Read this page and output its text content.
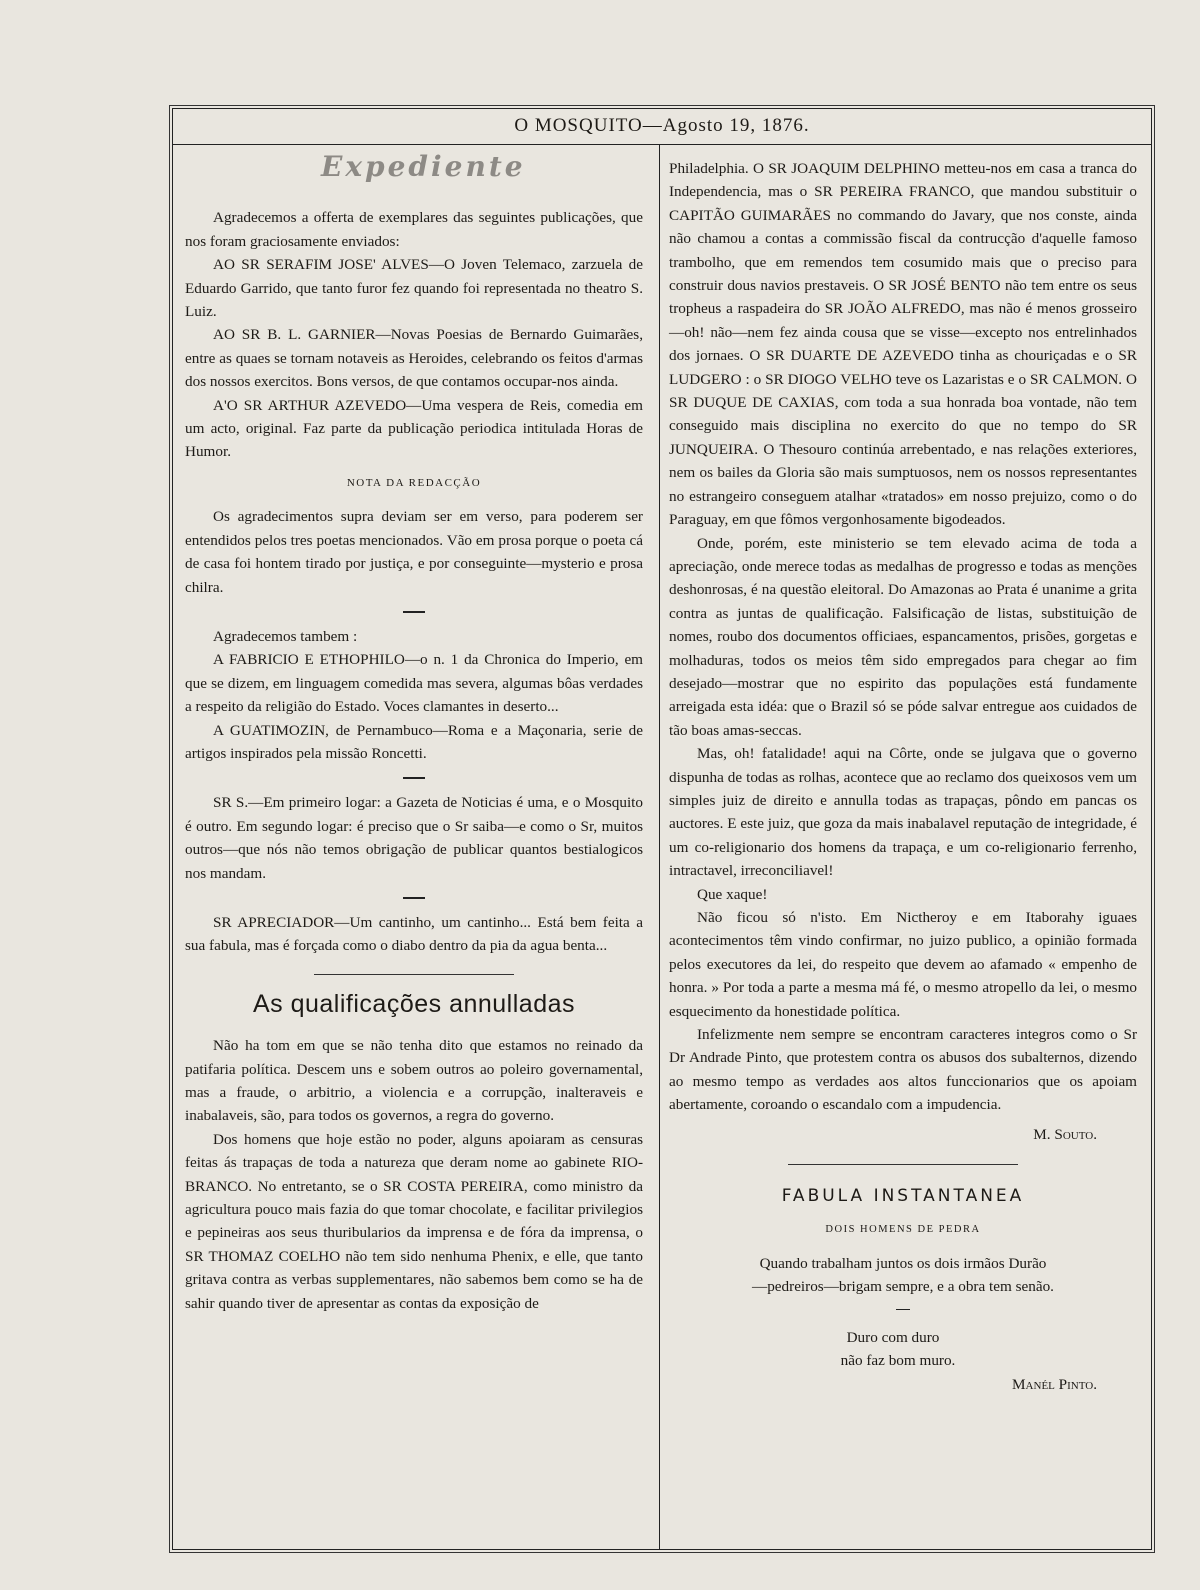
O MOSQUITO—Agosto 19, 1876.
Expediente

Agradecemos a offerta de exemplares das seguintes publicações, que nos foram graciosamente enviados:

AO SR SERAFIM JOSE' ALVES—O Joven Telemaco, zarzuela de Eduardo Garrido, que tanto furor fez quando foi representada no theatro S. Luiz.

AO SR B. L. GARNIER—Novas Poesias de Bernardo Guimarães, entre as quaes se tornam notaveis as Heroides, celebrando os feitos d'armas dos nossos exercitos. Bons versos, de que contamos occupar-nos ainda.

A'O SR ARTHUR AZEVEDO—Uma vespera de Reis, comedia em um acto, original. Faz parte da publicação periodica intitulada Horas de Humor.

NOTA DA REDACÇÃO

Os agradecimentos supra deviam ser em verso, para poderem ser entendidos pelos tres poetas mencionados. Vão em prosa porque o poeta cá de casa foi hontem tirado por justiça, e por conseguinte—mysterio e prosa chilra.

Agradecemos tambem :

A FABRICIO E ETHOPHILO—o n. 1 da Chronica do Imperio, em que se dizem, em linguagem comedida mas severa, algumas bôas verdades a respeito da religião do Estado. Voces clamantes in deserto...

A GUATIMOZIN, de Pernambuco—Roma e a Maçonaria, serie de artigos inspirados pela missão Roncetti.

SR S.—Em primeiro logar: a Gazeta de Noticias é uma, e o Mosquito é outro. Em segundo logar: é preciso que o Sr saiba—e como o Sr, muitos outros—que nós não temos obrigação de publicar quantos bestialogicos nos mandam.

SR APRECIADOR—Um cantinho, um cantinho... Está bem feita a sua fabula, mas é forçada como o diabo dentro da pia da agua benta...

As qualificações annulladas

Não ha tom em que se não tenha dito que estamos no reinado da patifaria política. Descem uns e sobem outros ao poleiro governamental, mas a fraude, o arbitrio, a violencia e a corrupção, inalteraveis e inabalaveis, são, para todos os governos, a regra do governo.

Dos homens que hoje estão no poder, alguns apoiaram as censuras feitas ás trapaças de toda a natureza que deram nome ao gabinete RIO-BRANCO. No entretanto, se o SR COSTA PEREIRA, como ministro da agricultura pouco mais fazia do que tomar chocolate, e facilitar privilegios e pepineiras aos seus thuribularios da imprensa e de fóra da imprensa, o SR THOMAZ COELHO não tem sido nenhuma Phenix, e elle, que tanto gritava contra as verbas supplementares, não sabemos bem como se ha de sahir quando tiver de apresentar as contas da exposição de

Philadelphia. O SR JOAQUIM DELPHINO metteu-nos em casa a tranca do Independencia, mas o SR PEREIRA FRANCO, que mandou substituir o CAPITÃO GUIMARÃES no commando do Javary, que nos conste, ainda não chamou a contas a commissão fiscal da contrucção d'aquelle famoso trambolho, que em remendos tem cosumido mais que o preciso para construir dous navios prestaveis. O SR JOSÉ BENTO não tem entre os seus tropheus a raspadeira do SR JOÃO ALFREDO, mas não é menos grosseiro—oh! não—nem fez ainda cousa que se visse—excepto nos entrelinhados dos jornaes. O SR DUARTE DE AZEVEDO tinha as chouriçadas e o SR LUDGERO : o SR DIOGO VELHO teve os Lazaristas e o SR CALMON. O SR DUQUE DE CAXIAS, com toda a sua honrada boa vontade, não tem conseguido mais disciplina no exercito do que no tempo do SR JUNQUEIRA. O Thesouro continúa arrebentado, e nas relações exteriores, nem os bailes da Gloria são mais sumptuosos, nem os nossos representantes no estrangeiro conseguem atalhar «tratados» em nosso prejuizo, como o do Paraguay, em que fômos vergonhosamente bigodeados.

Onde, porém, este ministerio se tem elevado acima de toda a apreciação, onde merece todas as medalhas de progresso e todas as menções deshonrosas, é na questão eleitoral. Do Amazonas ao Prata é unanime a grita contra as juntas de qualificação. Falsificação de listas, substituição de nomes, roubo dos documentos officiaes, espancamentos, prisões, gorgetas e molhaduras, todos os meios têm sido empregados para chegar ao fim desejado—mostrar que no espirito das populações está fundamente arreigada esta idéa: que o Brazil só se póde salvar entregue aos cuidados de tão boas amas-seccas.

Mas, oh! fatalidade! aqui na Côrte, onde se julgava que o governo dispunha de todas as rolhas, acontece que ao reclamo dos queixosos vem um simples juiz de direito e annulla todas as trapaças, pôndo em pancas os auctores. E este juiz, que goza da mais inabalavel reputação de integridade, é um co-religionario dos homens da trapaça, e um co-religionario ferrenho, intractavel, irreconciliavel!

Que xaque!

Não ficou só n'isto. Em Nictheroy e em Itaborahy iguaes acontecimentos têm vindo confirmar, no juizo publico, a opinião formada pelos executores da lei, do respeito que devem ao afamado « empenho de honra. » Por toda a parte a mesma má fé, o mesmo atropello da lei, o mesmo esquecimento da honestidade política.

Infelizmente nem sempre se encontram caracteres integros como o Sr Dr Andrade Pinto, que protestem contra os abusos dos subalternos, dizendo ao mesmo tempo as verdades aos altos funccionarios que os apoiam abertamente, coroando o escandalo com a impudencia.

M. Souto.
FABULA INSTANTANEA
DOIS HOMENS DE PEDRA
Quando trabalham juntos os dois irmãos Durão
—pedreiros—brigam sempre, e a obra tem senão.
Duro com duro
não faz bom muro.
Manél Pinto.
